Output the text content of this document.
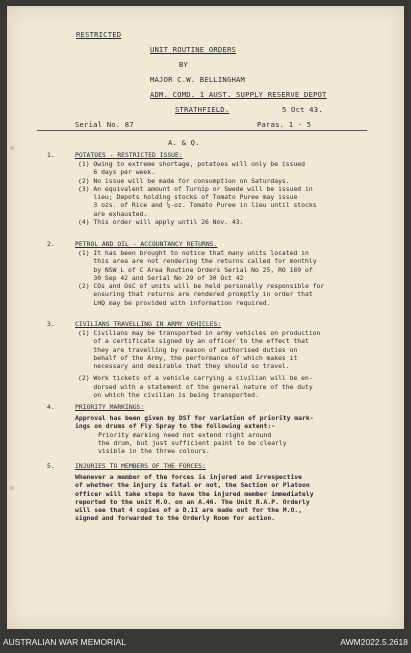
RESTRICTED
UNIT ROUTINE ORDERS
BY
MAJOR C.W. BELLINGHAM
ADM. COMD. 1 AUST. SUPPLY RESERVE DEPOT
STRATHFIELD.	5 Oct 43.
Serial No. 87	Paras. 1 - 5
A. & Q.
1.	POTATOES - RESTRICTED ISSUE:

(1) Owing to extreme shortage, potatoes will only be issued

6 days per week.

(2) No issue will be made for consumption on Saturdays.

(3) An equivalent amount of Turnip or Swede will be issued in

lieu; Depots holding stocks of Tomato Puree may issue

3 ozs. of Rice and ¼-oz. Tomato Puree in lieu until stocks

are exhausted.

(4) This order will apply until 26 Nov. 43.

2.	PETROL AND OIL - ACCOUNTANCY RETURNS.

(1) It has been brought to notice that many units located in

this area are not rendering the returns called for monthly

by NSW L of C Area Routine Orders Serial No 25, RO 169 of

30 Sep 42 and Serial No 29 of 30 Oct 42

(2) COs and OsC of units will be held personally responsible for

ensuring that returns are rendered promptly in order that

LHQ may be provided with information required.

3.	CIVILIANS TRAVELLING IN ARMY VEHICLES:

(1) Civilians may be transported in army vehicles on production

of a certificate signed by an officer to the effect that

they are travelling by reason of authorised duties on

behalf of the Army, the performance of which makes it

necessary and desirable that they should so travel.

(2) Work tickets of a vehicle carrying a civilian will be en-

dorsed with a statement of the general nature of the duty

on which the civilian is being transported.

4.	PRIORITY MARKINGS:

Approval has been given by DST for variation of priority mark-

ings on drums of Fly Spray to the following extent:-

Priority marking need not extend right around

the drum, but just sufficient paint to be clearly

visible in the three colours.

5.	INJURIES TO MEMBERS OF THE FORCES:

Whenever a member of the forces is injured and irrespective

of whether the injury is fatal or not, the Section or Platoon

officer will take steps to have the injured member immediately

reported to the unit M.O. on an A.46. The Unit R.A.P. Orderly

will see that 4 copies of a D.11 are made out for the M.O.,

signed and forwarded to the Orderly Room for action.

AUSTRALIAN WAR MEMORIAL	AWM2022.5.2618
